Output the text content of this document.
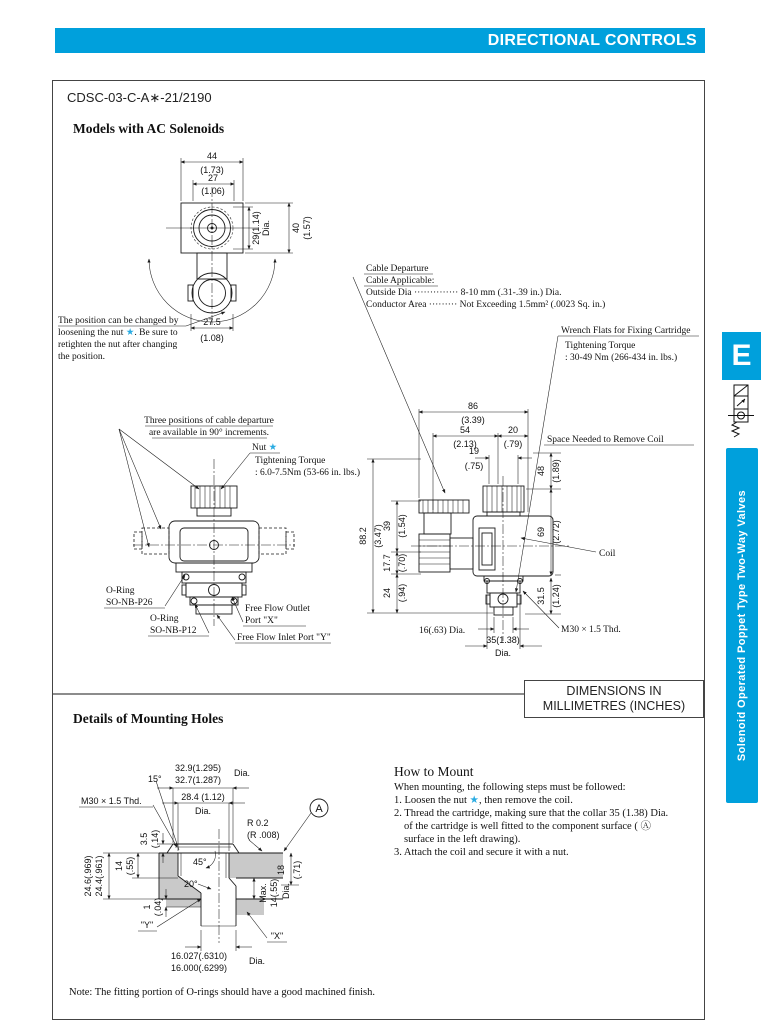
DIRECTIONAL CONTROLS
CDSC-03-C-A∗-21/2190
Models with AC Solenoids
Details of Mounting Holes
44
(1.73)
27
(1.06)
29(1.14) Dia. 40 (1.57)
27.5
(1.08)
The position can be changed by
loosening the nut ★. Be sure to
retighten the nut after changing
the position.
Cable Departure
Cable Applicable:
Outside Dia ·············· 8-10 mm (.31-.39 in.) Dia.
Conductor Area ········· Not Exceeding 1.5mm² (.0023 Sq. in.)
Wrench Flats for Fixing Cartridge
Tightening Torque
: 30-49 Nm (266-434 in. lbs.)
Three positions of cable departure
are available in 90° increments.
Nut ★
Tightening Torque
: 6.0-7.5Nm (53-66 in. lbs.)
O-Ring
SO-NB-P26
O-Ring
SO-NB-P12
Free Flow Outlet
Port "X"
Free Flow Inlet Port "Y"
86
(3.39)
54
(2.13)
20
(.79)
19
(.75)
Space Needed to Remove Coil
48 (1.89)
69 (2.72)
31.5 (1.24)
88.2 (3.47) 39 (1.54)
17.7 (.70)
24 (.94)
16(.63) Dia.
35(1.38)
Dia.
M30 × 1.5 Thd.
Coil
32.9(1.295) Dia.
15° 32.7(1.287)
28.4 (1.12)
Dia.
M30 × 1.5 Thd.
R 0.2
(R .008)
A
18 (.71)
24.6(.969) 24.4(.961) 14 (.55)
3.5 (.14)
1 (.04)
45°
20°
"Y"
Max. 14(.55) Dia.
"X"
16.027(.6310)
16.000(.6299)
Dia.
DIMENSIONS IN
MILLIMETRES (INCHES)
How to Mount
When mounting, the following steps must be followed:
1. Loosen the nut ★, then remove the coil.
2. Thread the cartridge, making sure that the collar 35 (1.38) Dia.
of the cartridge is well fitted to the component surface ( Ⓐ
surface in the left drawing).
3. Attach the coil and secure it with a nut.
Note: The fitting portion of O-rings should have a good machined finish.
E
Solenoid Operated Poppet Type Two-Way Valves
